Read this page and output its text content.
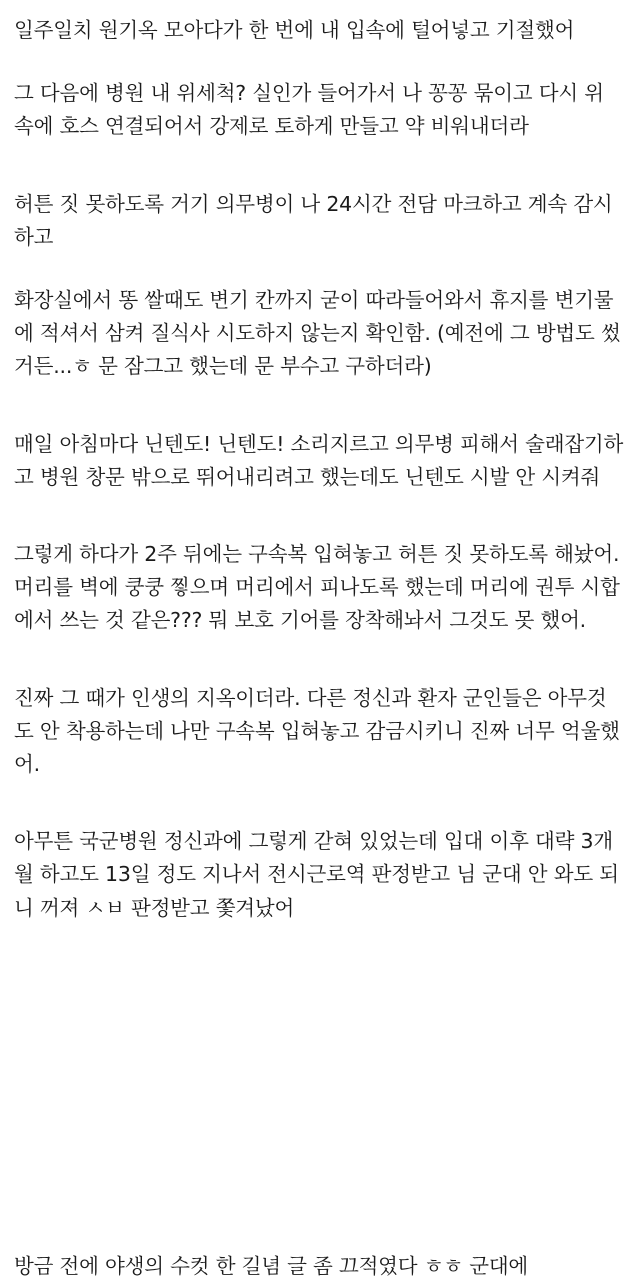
일주일치 원기옥 모아다가 한 번에 내 입속에 털어넣고 기절했어
그 다음에 병원 내 위세척? 실인가 들어가서 나 꽁꽁 묶이고 다시 위 속에 호스 연결되어서 강제로 토하게 만들고 약 비워내더라
허튼 짓 못하도록 거기 의무병이 나 24시간 전담 마크하고 계속 감시하고
화장실에서 똥 쌀때도 변기 칸까지 굳이 따라들어와서 휴지를 변기물에 적셔서 삼켜 질식사 시도하지 않는지 확인함. (예전에 그 방법도 썼거든...ㅎ 문 잠그고 했는데 문 부수고 구하더라)
매일 아침마다 닌텐도! 닌텐도! 소리지르고 의무병 피해서 술래잡기하고 병원 창문 밖으로 뛰어내리려고 했는데도 닌텐도 시발 안 시켜줘
그렇게 하다가 2주 뒤에는 구속복 입혀놓고 허튼 짓 못하도록 해놨어. 머리를 벽에 쿵쿵 찧으며 머리에서 피나도록 했는데 머리에 권투 시합에서 쓰는 것 같은??? 뭐 보호 기어를 장착해놔서 그것도 못 했어.
진짜 그 때가 인생의 지옥이더라. 다른 정신과 환자 군인들은 아무것도 안 착용하는데 나만 구속복 입혀놓고 감금시키니 진짜 너무 억울했어.
아무튼 국군병원 정신과에 그렇게 갇혀 있었는데 입대 이후 대략 3개월 하고도 13일 정도 지나서 전시근로역 판정받고 님 군대 안 와도 되니 꺼져 ㅅㅂ 판정받고 쫓겨났어
방금 전에 야생의 수컷 한 길념 글 좀 끄적였다 ㅎㅎ 군대에
